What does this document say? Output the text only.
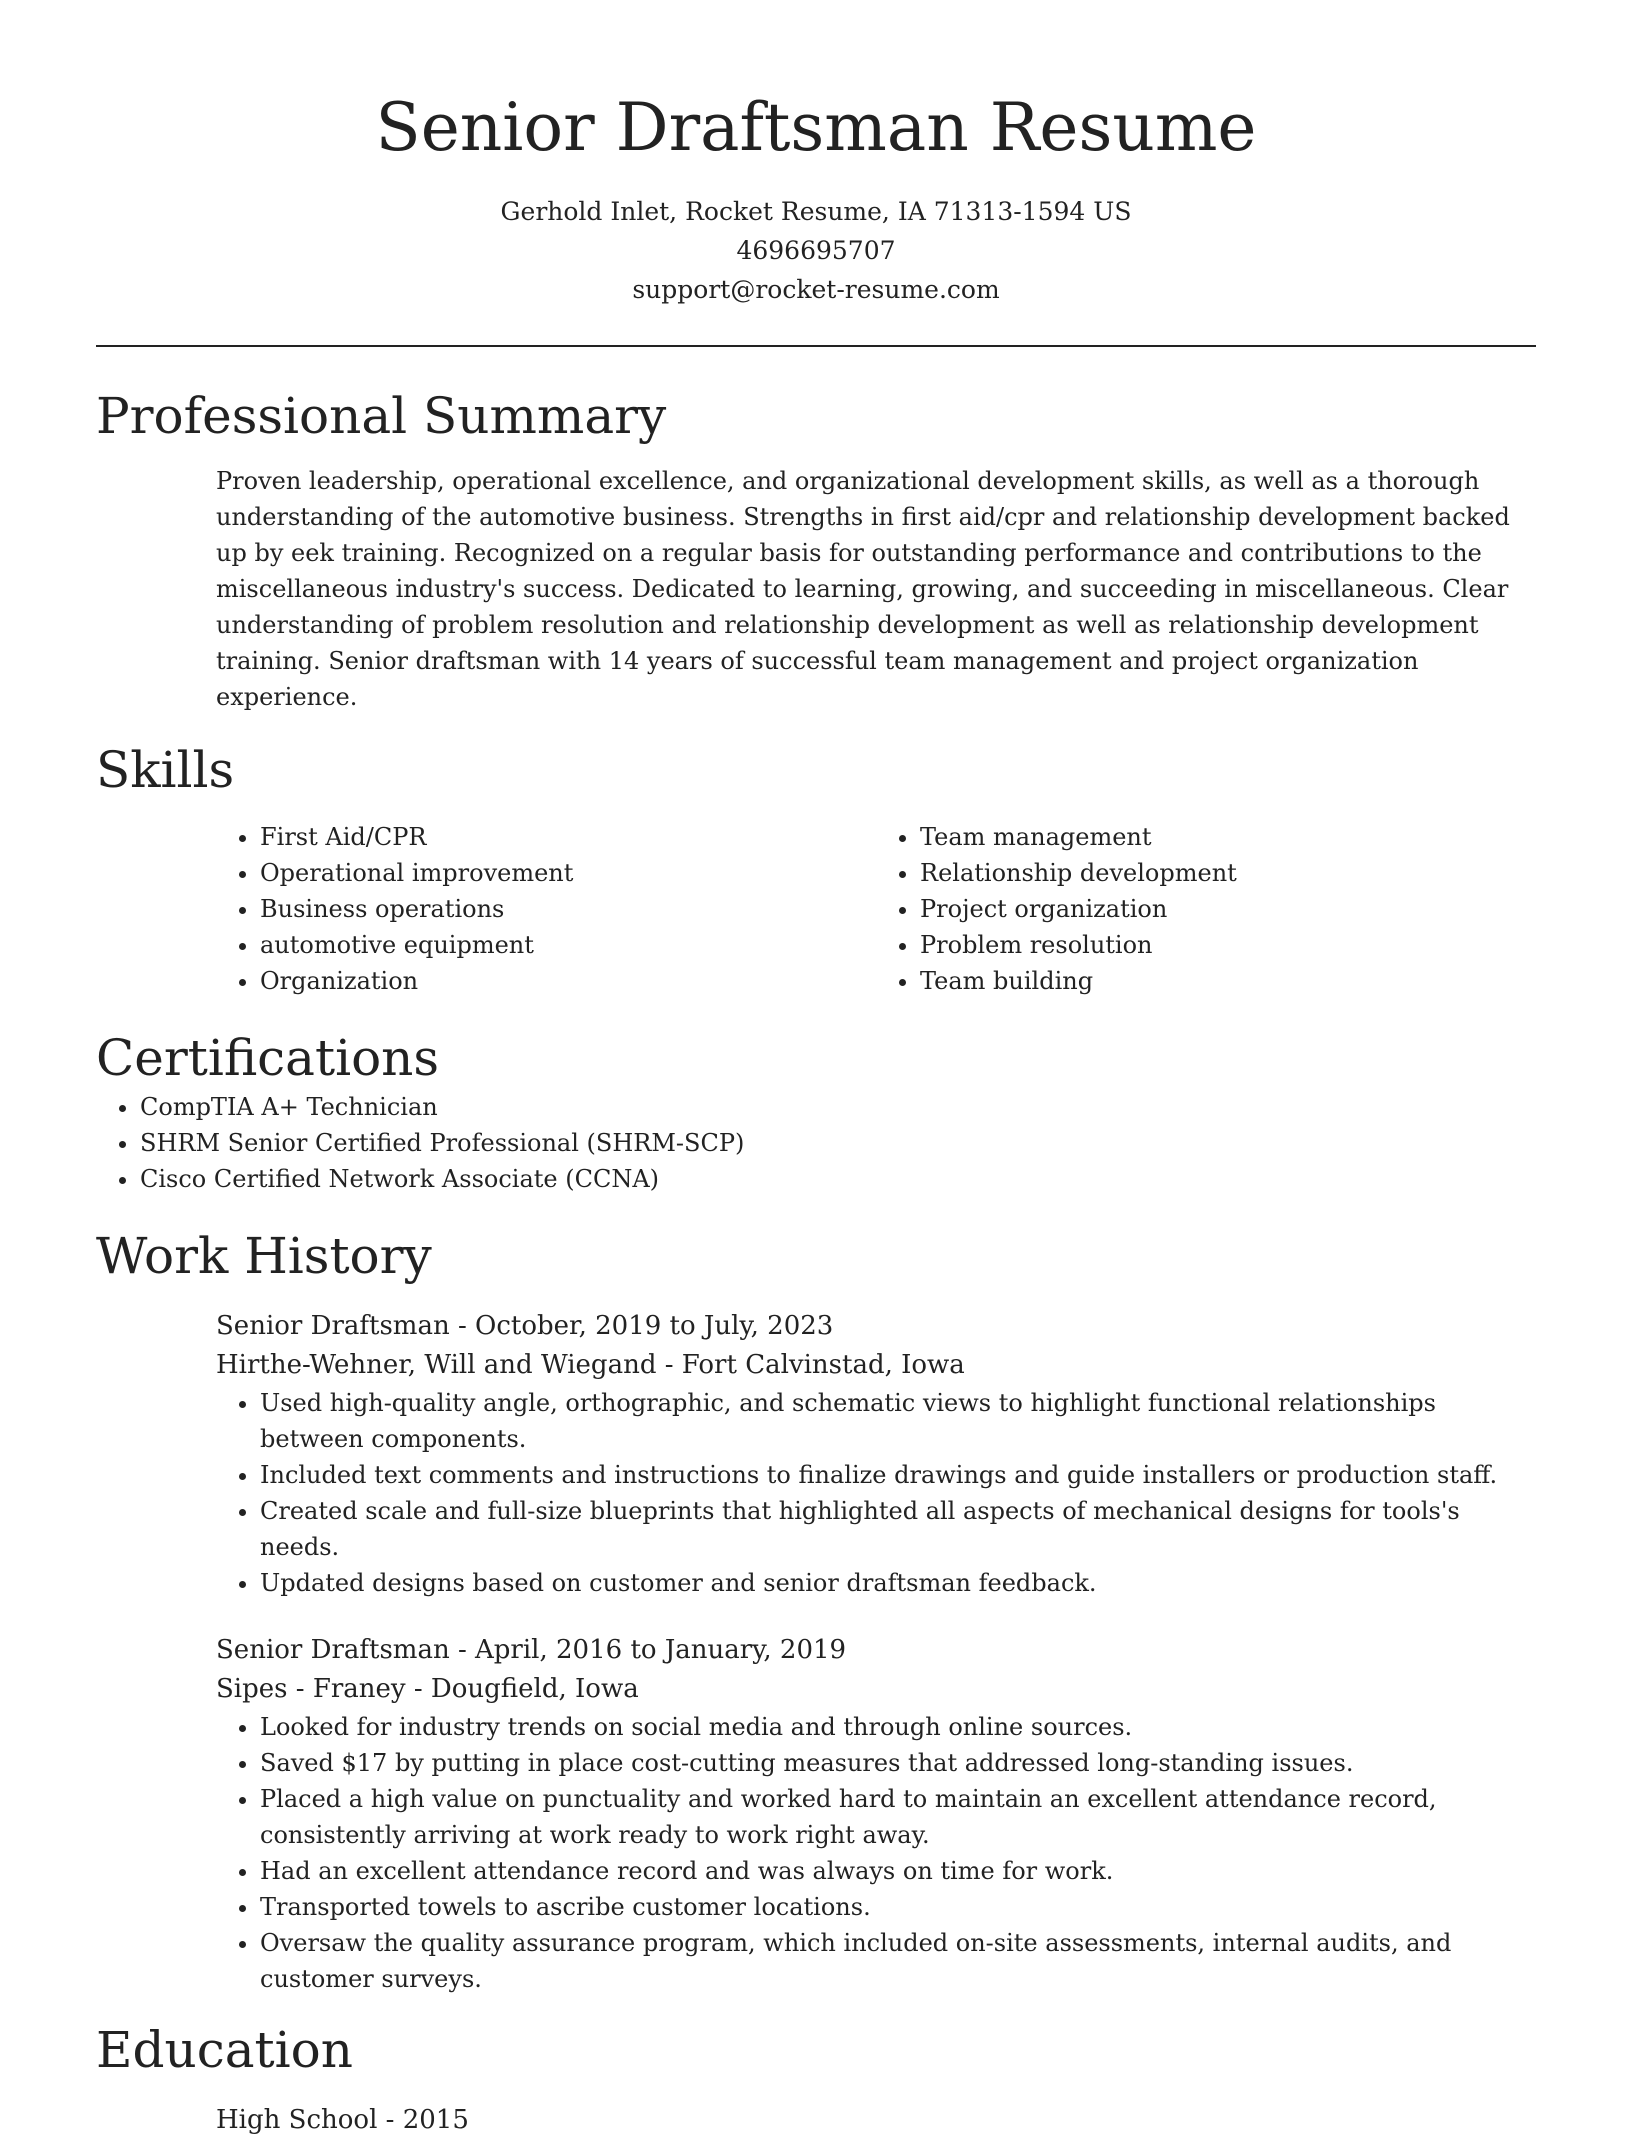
Senior Draftsman Resume
Gerhold Inlet, Rocket Resume, IA 71313-1594 US
4696695707
support@rocket-resume.com
Professional Summary

Proven leadership, operational excellence, and organizational development skills, as well as a thorough understanding of the automotive business. Strengths in first aid/cpr and relationship development backed up by eek training. Recognized on a regular basis for outstanding performance and contributions to the miscellaneous industry's success. Dedicated to learning, growing, and succeeding in miscellaneous. Clear understanding of problem resolution and relationship development as well as relationship development training. Senior draftsman with 14 years of successful team management and project organization experience.

Skills
• First Aid/CPR
• Operational improvement
• Business operations
• automotive equipment
• Organization
• Team management
• Relationship development
• Project organization
• Problem resolution
• Team building
Certifications
• CompTIA A+ Technician
• SHRM Senior Certified Professional (SHRM-SCP)
• Cisco Certified Network Associate (CCNA)
Work History

Senior Draftsman - October, 2019 to July, 2023

Hirthe-Wehner, Will and Wiegand - Fort Calvinstad, Iowa

• Used high-quality angle, orthographic, and schematic views to highlight functional relationships between components.
• Included text comments and instructions to finalize drawings and guide installers or production staff.
• Created scale and full-size blueprints that highlighted all aspects of mechanical designs for tools's needs.
• Updated designs based on customer and senior draftsman feedback.

Senior Draftsman - April, 2016 to January, 2019

Sipes - Franey - Dougfield, Iowa

• Looked for industry trends on social media and through online sources.
• Saved $17 by putting in place cost-cutting measures that addressed long-standing issues.
• Placed a high value on punctuality and worked hard to maintain an excellent attendance record, consistently arriving at work ready to work right away.
• Had an excellent attendance record and was always on time for work.
• Transported towels to ascribe customer locations.
• Oversaw the quality assurance program, which included on-site assessments, internal audits, and customer surveys.
Education

High School - 2015
